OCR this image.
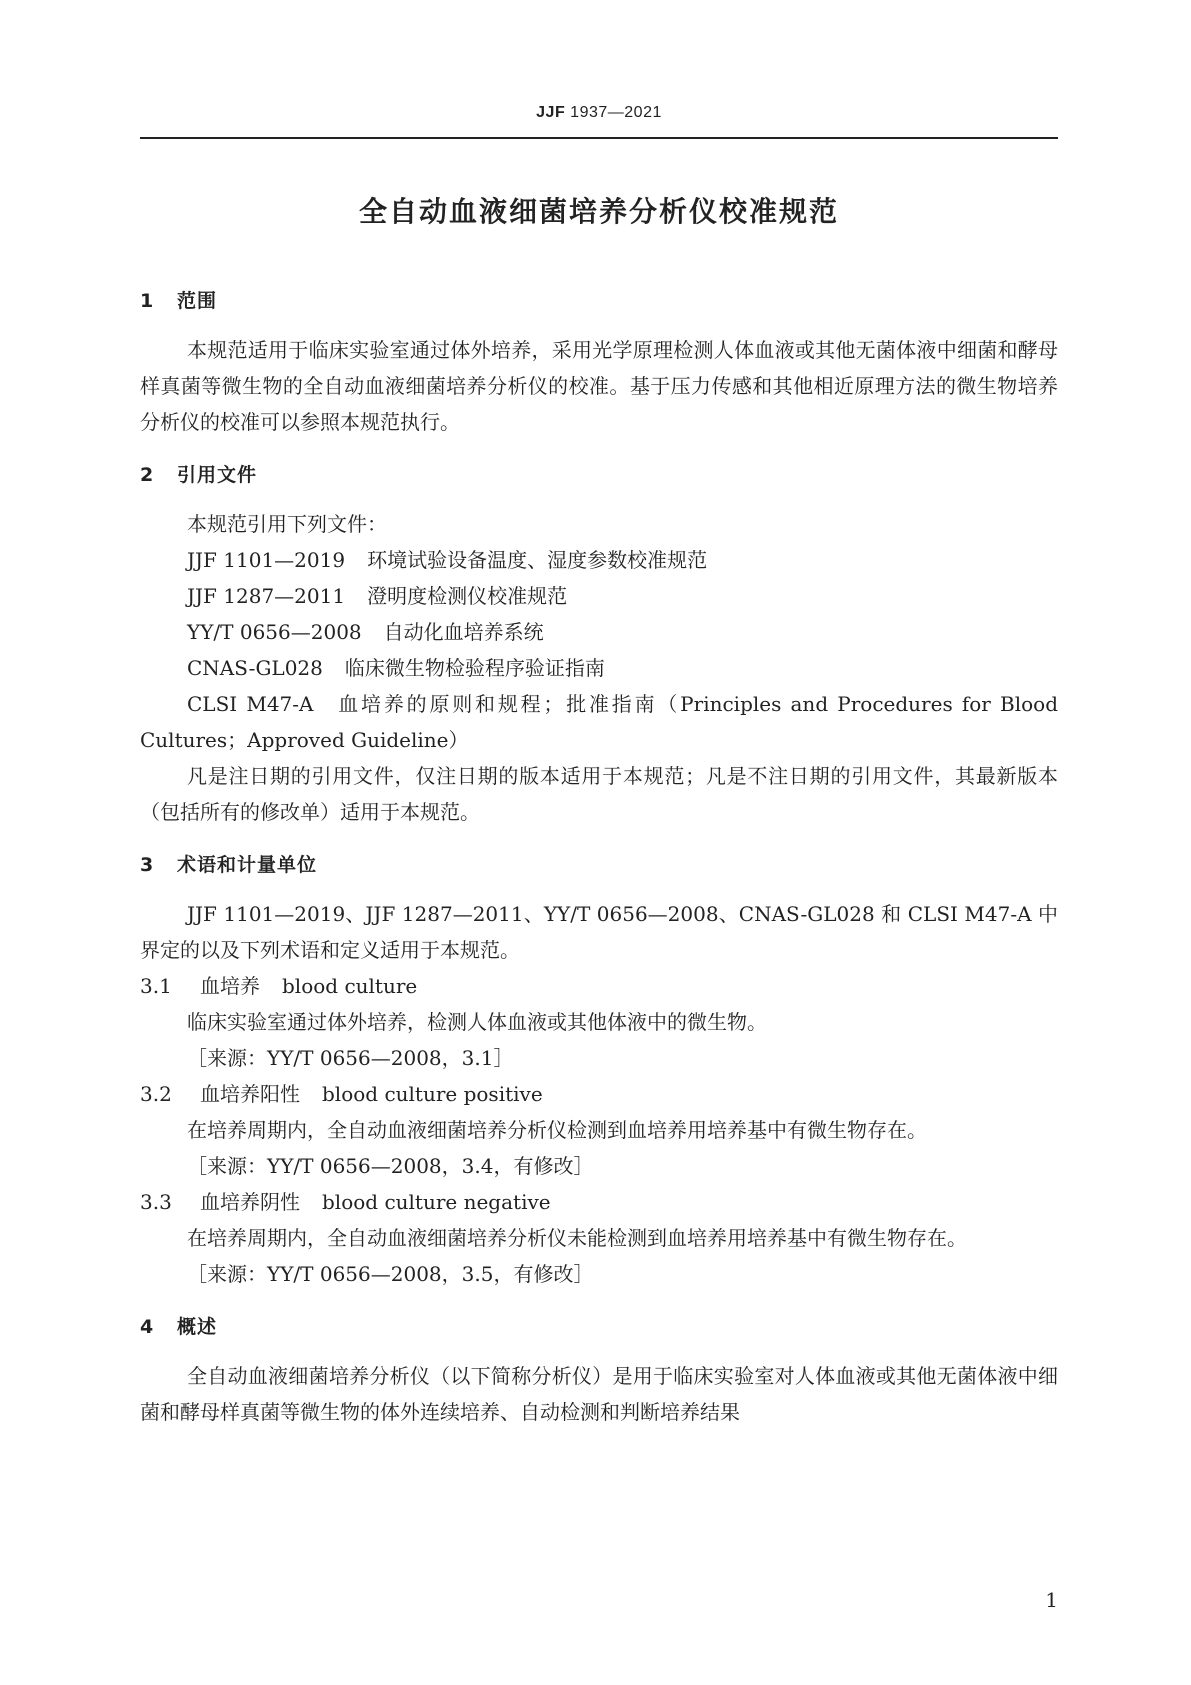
JJF 1937—2021
全自动血液细菌培养分析仪校准规范
1 范围
本规范适用于临床实验室通过体外培养，采用光学原理检测人体血液或其他无菌体液中细菌和酵母样真菌等微生物的全自动血液细菌培养分析仪的校准。基于压力传感和其他相近原理方法的微生物培养分析仪的校准可以参照本规范执行。
2 引用文件
本规范引用下列文件：
JJF 1101—2019 环境试验设备温度、湿度参数校准规范
JJF 1287—2011 澄明度检测仪校准规范
YY/T 0656—2008 自动化血培养系统
CNAS-GL028 临床微生物检验程序验证指南
CLSI M47-A 血培养的原则和规程；批准指南（Principles and Procedures for Blood Cultures；Approved Guideline）
凡是注日期的引用文件，仅注日期的版本适用于本规范；凡是不注日期的引用文件，其最新版本（包括所有的修改单）适用于本规范。
3 术语和计量单位
JJF 1101—2019、JJF 1287—2011、YY/T 0656—2008、CNAS-GL028 和 CLSI M47-A 中界定的以及下列术语和定义适用于本规范。
3.1 血培养 blood culture
临床实验室通过体外培养，检测人体血液或其他体液中的微生物。
［来源：YY/T 0656—2008，3.1］
3.2 血培养阳性 blood culture positive
在培养周期内，全自动血液细菌培养分析仪检测到血培养用培养基中有微生物存在。
［来源：YY/T 0656—2008，3.4，有修改］
3.3 血培养阴性 blood culture negative
在培养周期内，全自动血液细菌培养分析仪未能检测到血培养用培养基中有微生物存在。
［来源：YY/T 0656—2008，3.5，有修改］
4 概述
全自动血液细菌培养分析仪（以下简称分析仪）是用于临床实验室对人体血液或其他无菌体液中细菌和酵母样真菌等微生物的体外连续培养、自动检测和判断培养结果
1
